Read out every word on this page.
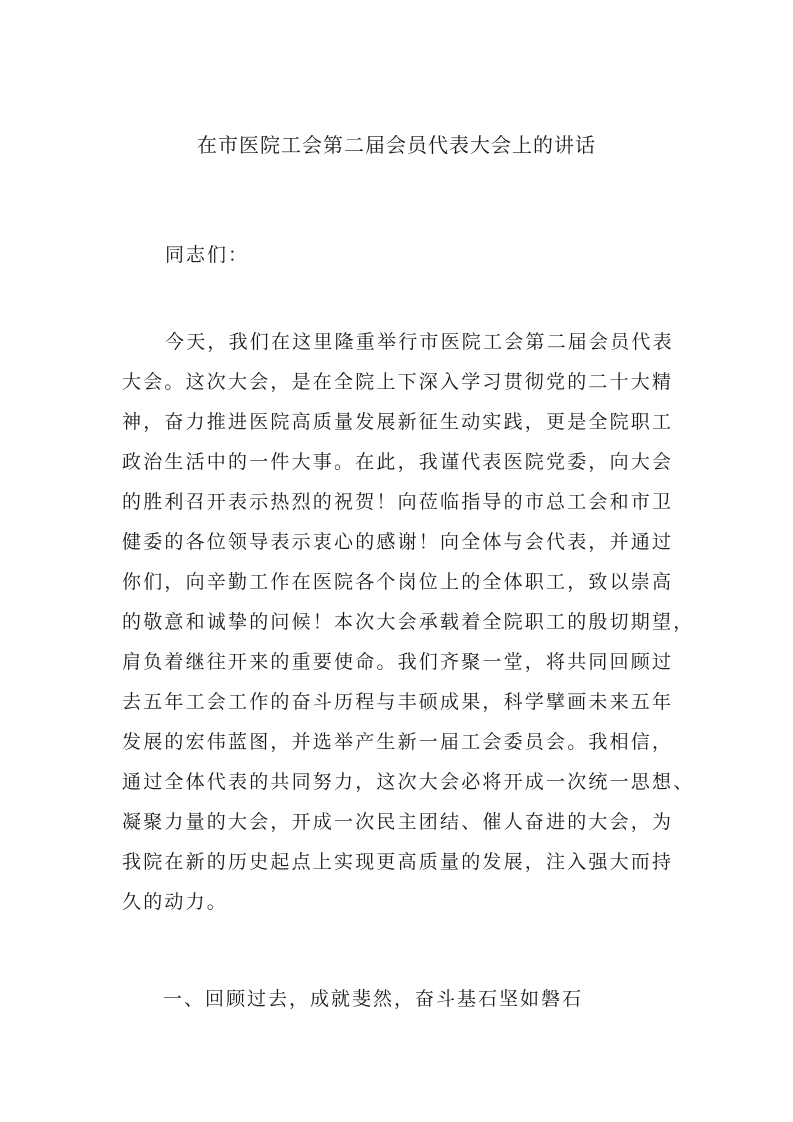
在市医院工会第二届会员代表大会上的讲话

同志们：

今天，我们在这里隆重举行市医院工会第二届会员代表
大会。这次大会，是在全院上下深入学习贯彻党的二十大精
神，奋力推进医院高质量发展新征生动实践，更是全院职工
政治生活中的一件大事。在此，我谨代表医院党委，向大会
的胜利召开表示热烈的祝贺！向莅临指导的市总工会和市卫
健委的各位领导表示衷心的感谢！向全体与会代表，并通过
你们，向辛勤工作在医院各个岗位上的全体职工，致以崇高
的敬意和诚挚的问候！本次大会承载着全院职工的殷切期望，
肩负着继往开来的重要使命。我们齐聚一堂，将共同回顾过
去五年工会工作的奋斗历程与丰硕成果，科学擘画未来五年
发展的宏伟蓝图，并选举产生新一届工会委员会。我相信，
通过全体代表的共同努力，这次大会必将开成一次统一思想、
凝聚力量的大会，开成一次民主团结、催人奋进的大会，为
我院在新的历史起点上实现更高质量的发展，注入强大而持
久的动力。
一、回顾过去，成就斐然，奋斗基石坚如磐石
